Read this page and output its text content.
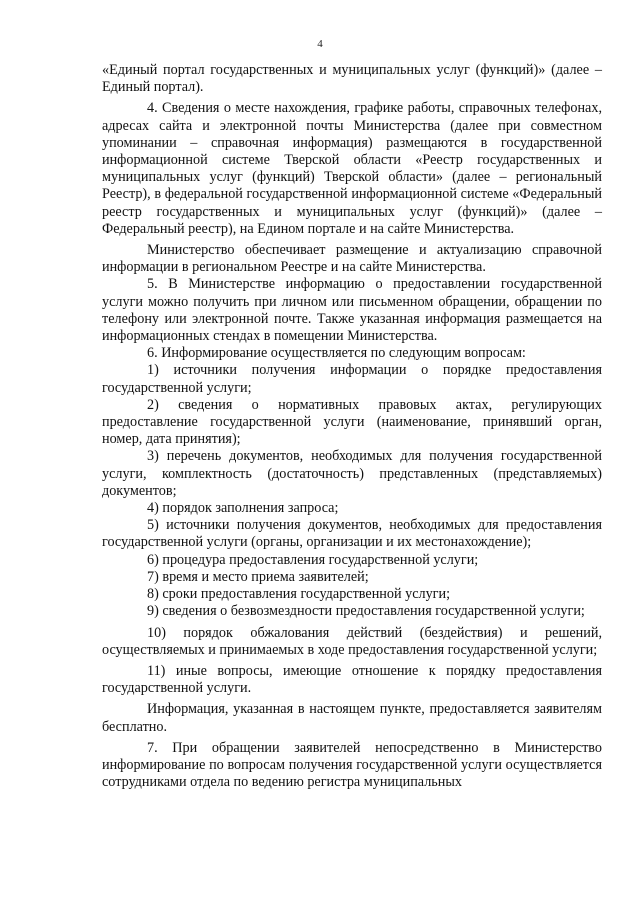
4

«Единый портал государственных и муниципальных услуг (функций)» (далее – Единый портал).

4. Сведения о месте нахождения, графике работы, справочных телефонах, адресах сайта и электронной почты Министерства (далее при совместном упоминании – справочная информация) размещаются в государственной информационной системе Тверской области «Реестр государственных и муниципальных услуг (функций) Тверской области» (далее – региональный Реестр), в федеральной государственной информационной системе «Федеральный реестр государственных и муниципальных услуг (функций)» (далее – Федеральный реестр), на Едином портале и на сайте Министерства.

Министерство обеспечивает размещение и актуализацию справочной информации в региональном Реестре и на сайте Министерства.

5. В Министерстве информацию о предоставлении государственной услуги можно получить при личном или письменном обращении, обращении по телефону или электронной почте. Также указанная информация размещается на информационных стендах в помещении Министерства.

6. Информирование осуществляется по следующим вопросам:

1) источники получения информации о порядке предоставления государственной услуги;

2) сведения о нормативных правовых актах, регулирующих предоставление государственной услуги (наименование, принявший орган, номер, дата принятия);

3) перечень документов, необходимых для получения государственной услуги, комплектность (достаточность) представленных (представляемых) документов;

4) порядок заполнения запроса;

5) источники получения документов, необходимых для предоставления государственной услуги (органы, организации и их местонахождение);

6) процедура предоставления государственной услуги;

7) время и место приема заявителей;

8) сроки предоставления государственной услуги;

9) сведения о безвозмездности предоставления государственной услуги;

10) порядок обжалования действий (бездействия) и решений, осуществляемых и принимаемых в ходе предоставления государственной услуги;

11) иные вопросы, имеющие отношение к порядку предоставления государственной услуги.

Информация, указанная в настоящем пункте, предоставляется заявителям бесплатно.

7. При обращении заявителей непосредственно в Министерство информирование по вопросам получения государственной услуги осуществляется сотрудниками отдела по ведению регистра муниципальных
